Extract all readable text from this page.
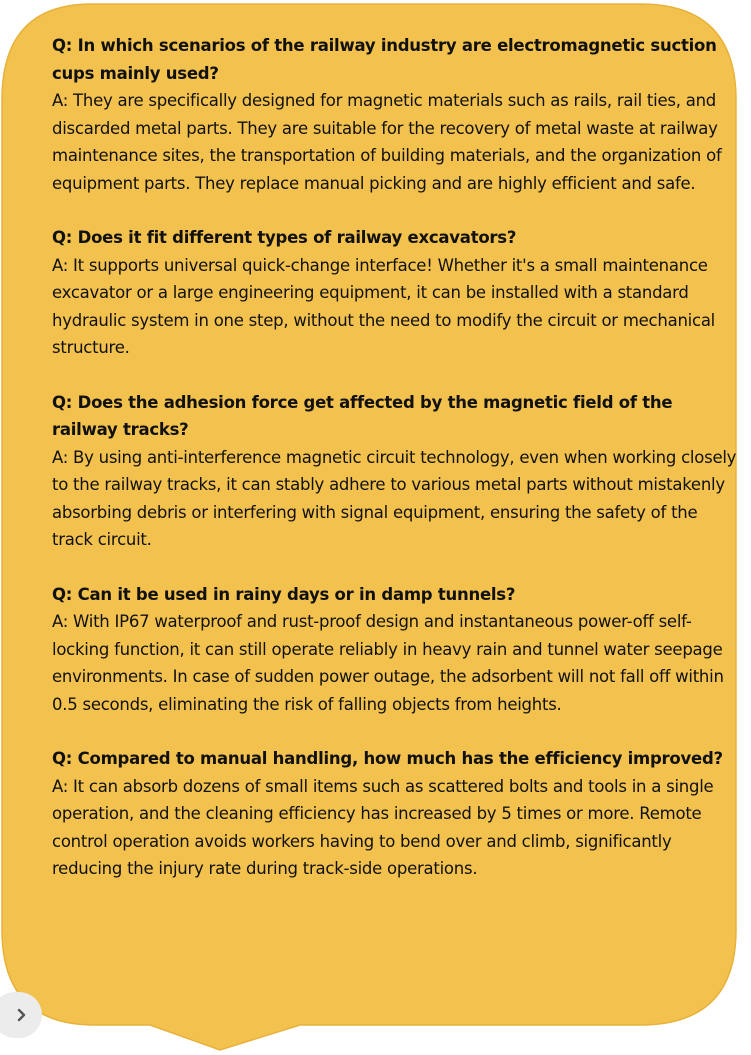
Q: In which scenarios of the railway industry are electromagnetic suction cups mainly used?

A: They are specifically designed for magnetic materials such as rails, rail ties, and discarded metal parts. They are suitable for the recovery of metal waste at railway maintenance sites, the transportation of building materials, and the organization of equipment parts. They replace manual picking and are highly efficient and safe.

Q: Does it fit different types of railway excavators?

A: It supports universal quick-change interface! Whether it's a small maintenance excavator or a large engineering equipment, it can be installed with a standard hydraulic system in one step, without the need to modify the circuit or mechanical structure.

Q: Does the adhesion force get affected by the magnetic field of the railway tracks?

A: By using anti-interference magnetic circuit technology, even when working closely to the railway tracks, it can stably adhere to various metal parts without mistakenly absorbing debris or interfering with signal equipment, ensuring the safety of the track circuit.

Q: Can it be used in rainy days or in damp tunnels?

A: With IP67 waterproof and rust-proof design and instantaneous power-off self-locking function, it can still operate reliably in heavy rain and tunnel water seepage environments. In case of sudden power outage, the adsorbent will not fall off within 0.5 seconds, eliminating the risk of falling objects from heights.

Q: Compared to manual handling, how much has the efficiency improved?

A: It can absorb dozens of small items such as scattered bolts and tools in a single operation, and the cleaning efficiency has increased by 5 times or more. Remote control operation avoids workers having to bend over and climb, significantly reducing the injury rate during track-side operations.
